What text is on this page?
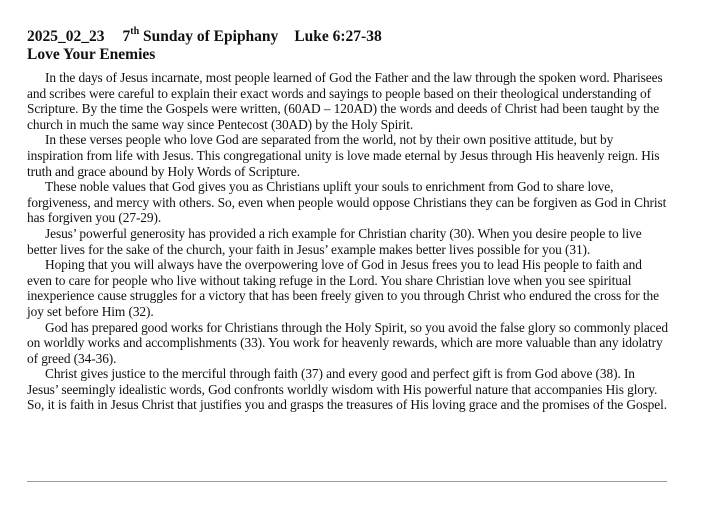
2025_02_23 7th Sunday of Epiphany Luke 6:27-38
Love Your Enemies

In the days of Jesus incarnate, most people learned of God the Father and the law through the spoken word. Pharisees and scribes were careful to explain their exact words and sayings to people based on their theological understanding of Scripture. By the time the Gospels were written, (60AD – 120AD) the words and deeds of Christ had been taught by the church in much the same way since Pentecost (30AD) by the Holy Spirit.

In these verses people who love God are separated from the world, not by their own positive attitude, but by inspiration from life with Jesus. This congregational unity is love made eternal by Jesus through His heavenly reign. His truth and grace abound by Holy Words of Scripture.

These noble values that God gives you as Christians uplift your souls to enrichment from God to share love, forgiveness, and mercy with others. So, even when people would oppose Christians they can be forgiven as God in Christ has forgiven you (27-29).

Jesus’ powerful generosity has provided a rich example for Christian charity (30). When you desire people to live better lives for the sake of the church, your faith in Jesus’ example makes better lives possible for you (31).

Hoping that you will always have the overpowering love of God in Jesus frees you to lead His people to faith and even to care for people who live without taking refuge in the Lord. You share Christian love when you see spiritual inexperience cause struggles for a victory that has been freely given to you through Christ who endured the cross for the joy set before Him (32).

God has prepared good works for Christians through the Holy Spirit, so you avoid the false glory so commonly placed on worldly works and accomplishments (33). You work for heavenly rewards, which are more valuable than any idolatry of greed (34-36).

Christ gives justice to the merciful through faith (37) and every good and perfect gift is from God above (38). In Jesus’ seemingly idealistic words, God confronts worldly wisdom with His powerful nature that accompanies His glory. So, it is faith in Jesus Christ that justifies you and grasps the treasures of His loving grace and the promises of the Gospel.
